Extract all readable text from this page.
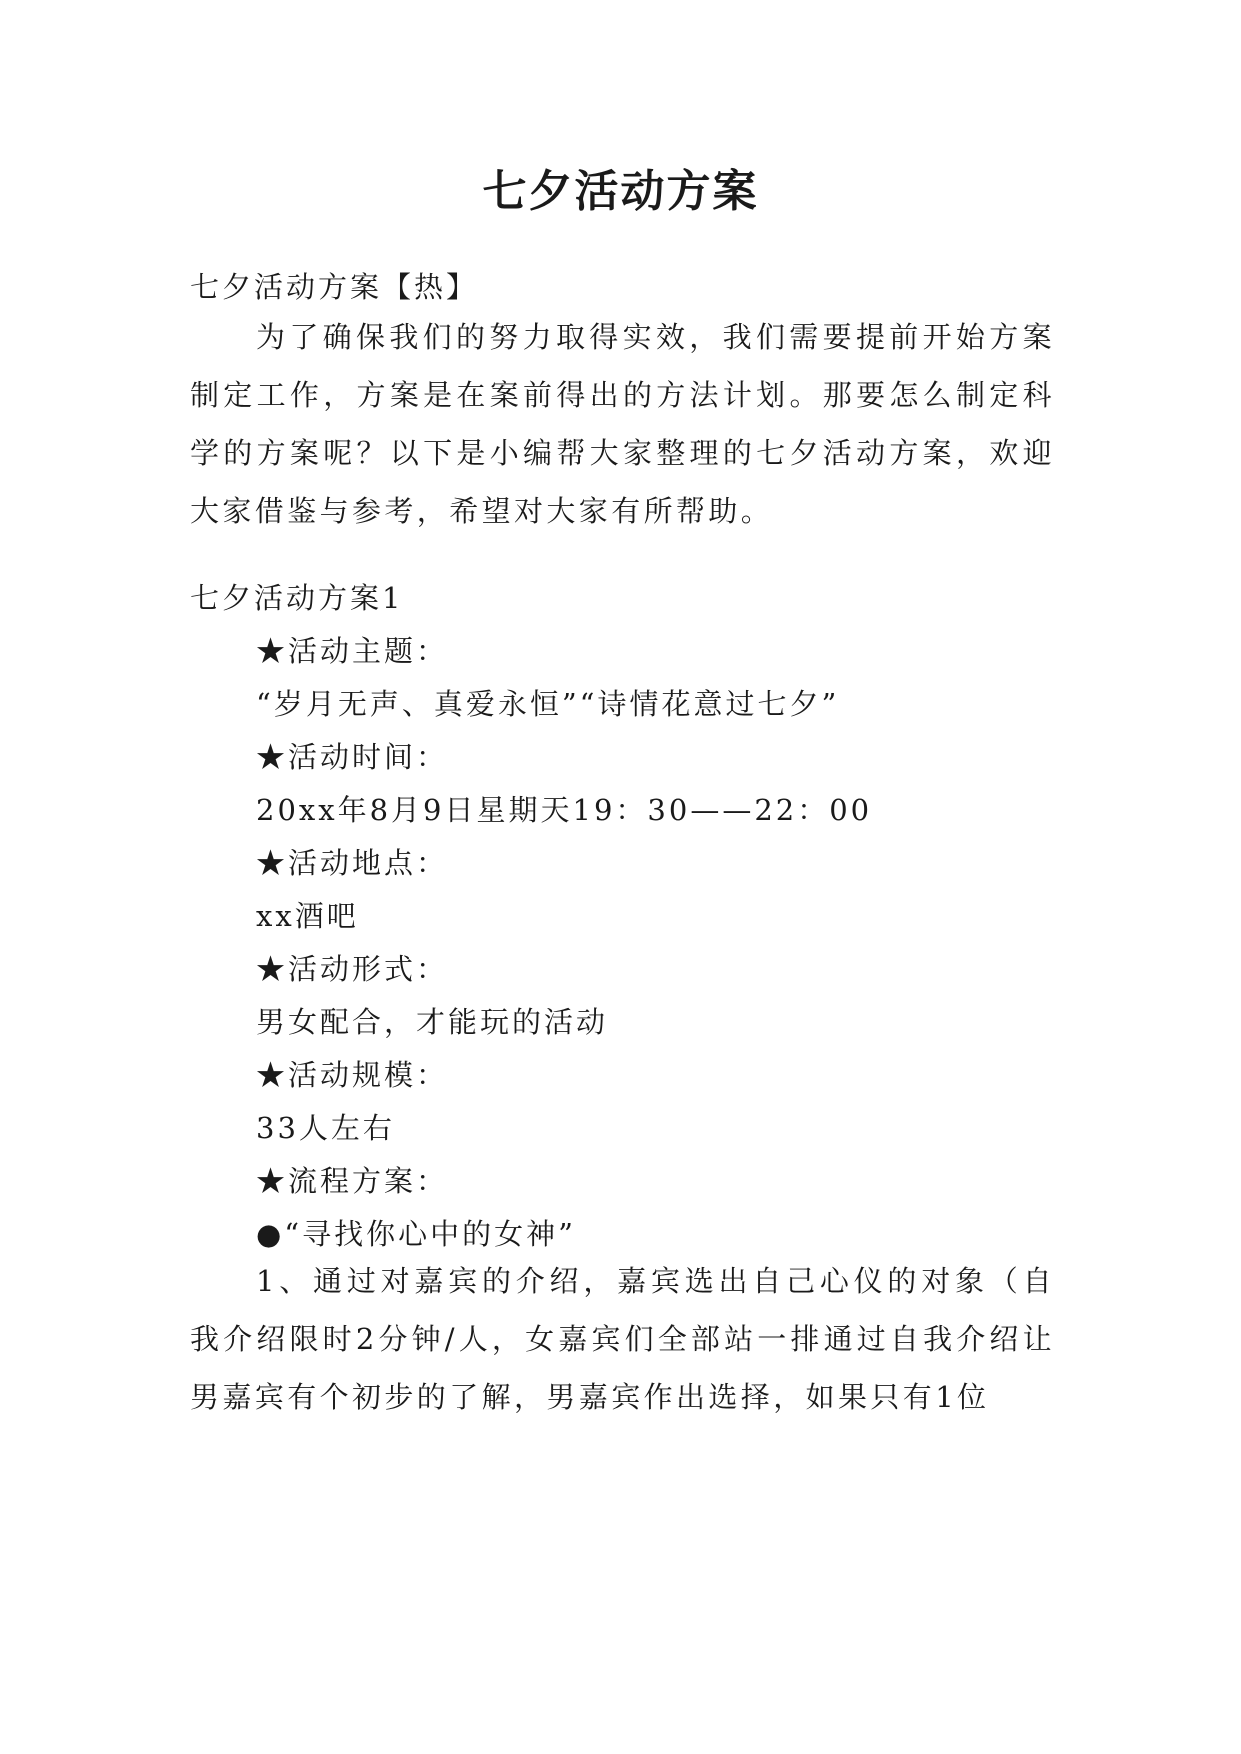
七夕活动方案
七夕活动方案【热】

为了确保我们的努力取得实效，我们需要提前开始方案制定工作，方案是在案前得出的方法计划。那要怎么制定科学的方案呢？以下是小编帮大家整理的七夕活动方案，欢迎大家借鉴与参考，希望对大家有所帮助。

七夕活动方案1
★活动主题：
“岁月无声、真爱永恒”“诗情花意过七夕”
★活动时间：
20xx年8月9日星期天19：30——22：00
★活动地点：
xx酒吧
★活动形式：
男女配合，才能玩的活动
★活动规模：
33人左右
★流程方案：
●“寻找你心中的女神”

1、通过对嘉宾的介绍，嘉宾选出自己心仪的对象（自我介绍限时2分钟/人，女嘉宾们全部站一排通过自我介绍让男嘉宾有个初步的了解，男嘉宾作出选择，如果只有1位
